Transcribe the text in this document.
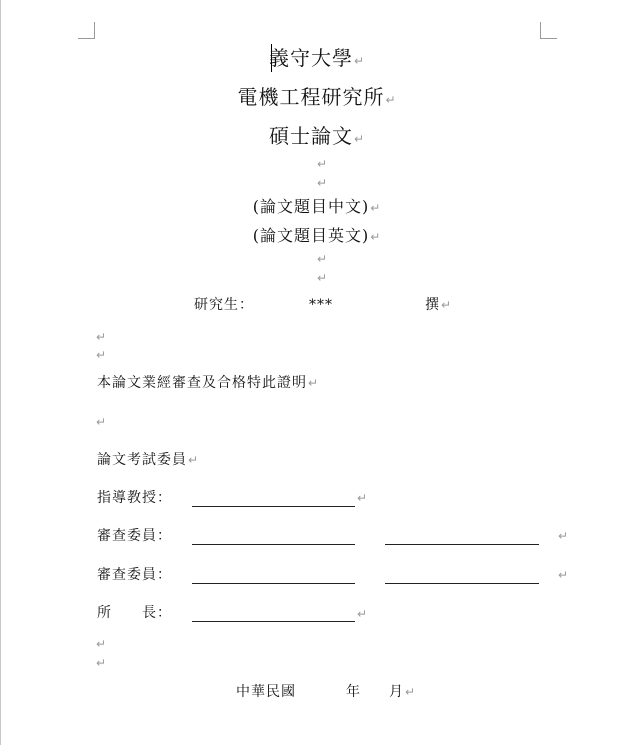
義守大學↵
電機工程研究所↵
碩士論文↵
↵
↵
(論文題目中文)↵
(論文題目英文)↵
↵
↵
研究生：	***	撰↵
↵
↵
本論文業經審查及合格特此證明↵
↵
論文考試委員↵
指導教授：	↵
審查委員：	↵
審查委員：	↵
所　　長：	↵
↵
↵
中華民國	年 月↵
